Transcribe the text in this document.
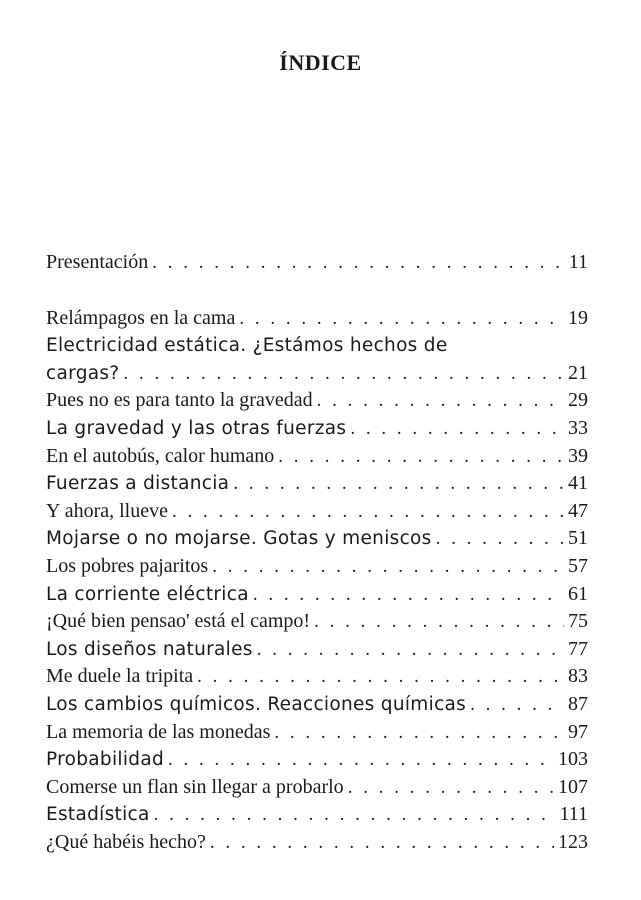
ÍNDICE
Presentación . . .	11
Relámpagos en la cama . . .	19
Electricidad estática. ¿Estámos hechos de
cargas? . . .	21
Pues no es para tanto la gravedad . . .	29
La gravedad y las otras fuerzas . . .	33
En el autobús, calor humano . . .	39
Fuerzas a distancia . . .	41
Y ahora, llueve . . .	47
Mojarse o no mojarse. Gotas y meniscos . . .	51
Los pobres pajaritos . . .	57
La corriente eléctrica . . .	61
¡Qué bien pensao' está el campo! . . .	75
Los diseños naturales . . .	77
Me duele la tripita . . .	83
Los cambios químicos. Reacciones químicas . . .	87
La memoria de las monedas . . .	97
Probabilidad . . .	103
Comerse un flan sin llegar a probarlo . . .	107
Estadística . . .	111
¿Qué habéis hecho? . . .	123
